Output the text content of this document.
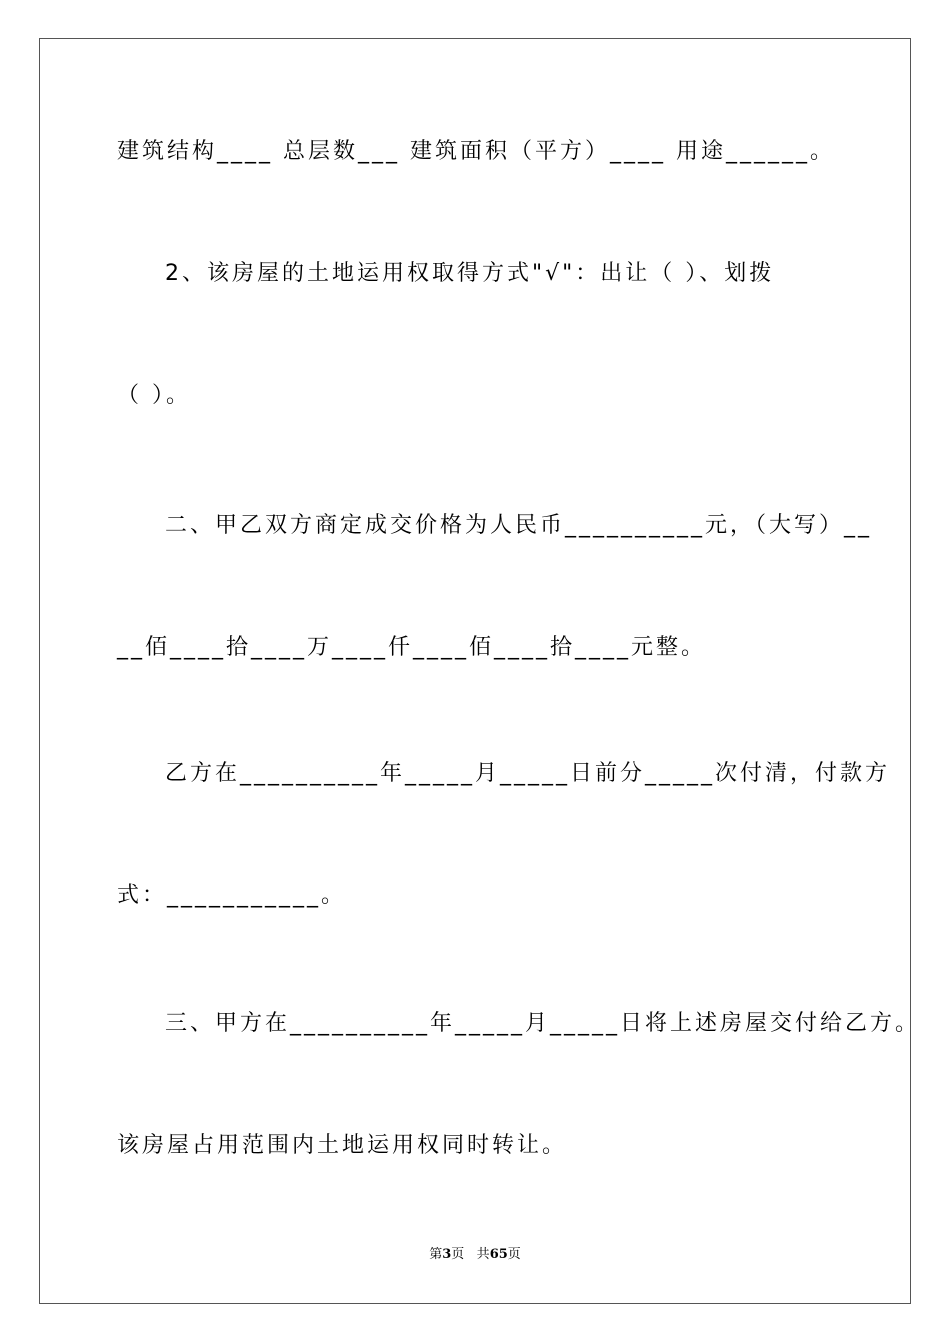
建筑结构____ 总层数___ 建筑面积（平方）____ 用途______。
2、该房屋的土地运用权取得方式"√"：出让（ ）、划拨
（ ）。
二、甲乙双方商定成交价格为人民币__________元，（大写）__
__佰____拾____万____仟____佰____拾____元整。
乙方在__________年_____月_____日前分_____次付清，付款方
式：___________。
三、甲方在__________年_____月_____日将上述房屋交付给乙方。
该房屋占用范围内土地运用权同时转让。
第3页 共65页
